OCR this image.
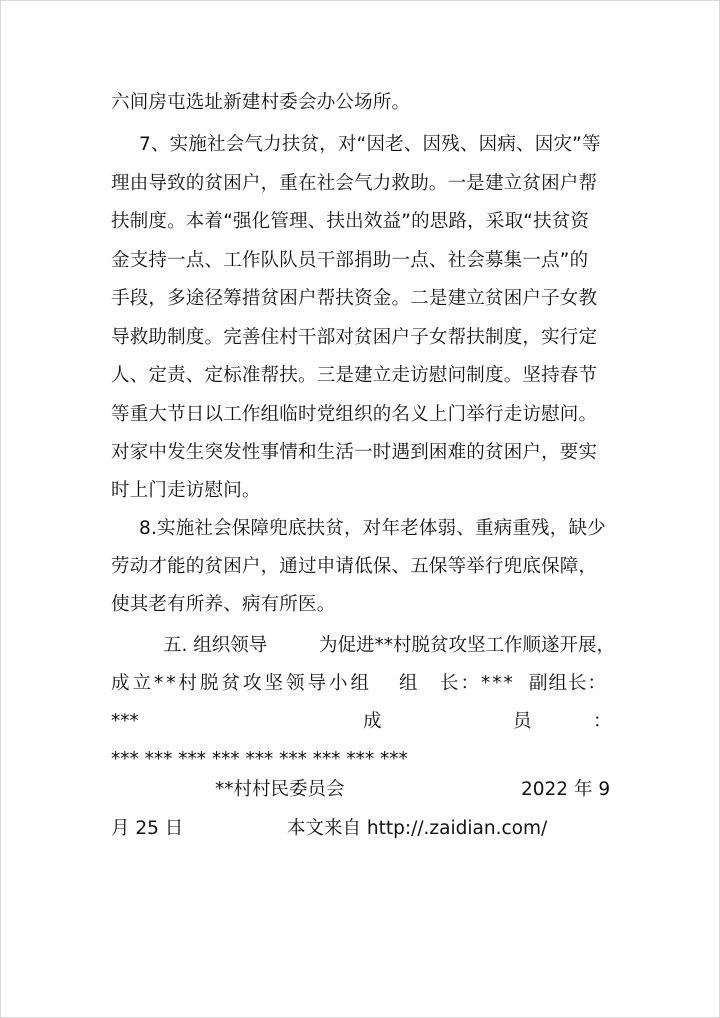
六间房屯选址新建村委会办公场所。
7、实施社会气力扶贫，对“因老、因残、因病、因灾”等
理由导致的贫困户，重在社会气力救助。一是建立贫困户帮
扶制度。本着“强化管理、扶出效益”的思路，采取“扶贫资
金支持一点、工作队队员干部捐助一点、社会募集一点”的
手段，多途径筹措贫困户帮扶资金。二是建立贫困户子女教
导救助制度。完善住村干部对贫困户子女帮扶制度，实行定
人、定责、定标准帮扶。三是建立走访慰问制度。坚持春节
等重大节日以工作组临时党组织的名义上门举行走访慰问。
对家中发生突发性事情和生活一时遇到困难的贫困户，要实
时上门走访慰问。
8.实施社会保障兜底扶贫，对年老体弱、重病重残，缺少
劳动才能的贫困户，通过申请低保、五保等举行兜底保障，
使其老有所养、病有所医。
五. 组织领导	为促进**村脱贫攻坚工作顺遂开展，
成立**村脱贫攻坚领导小组 组　长：*** 副组长：
***	成	员	：
*** *** *** *** *** *** *** *** ***
**村村民委员会	2022 年 9
月 25 日	本文来自 http://.zaidian.com/
